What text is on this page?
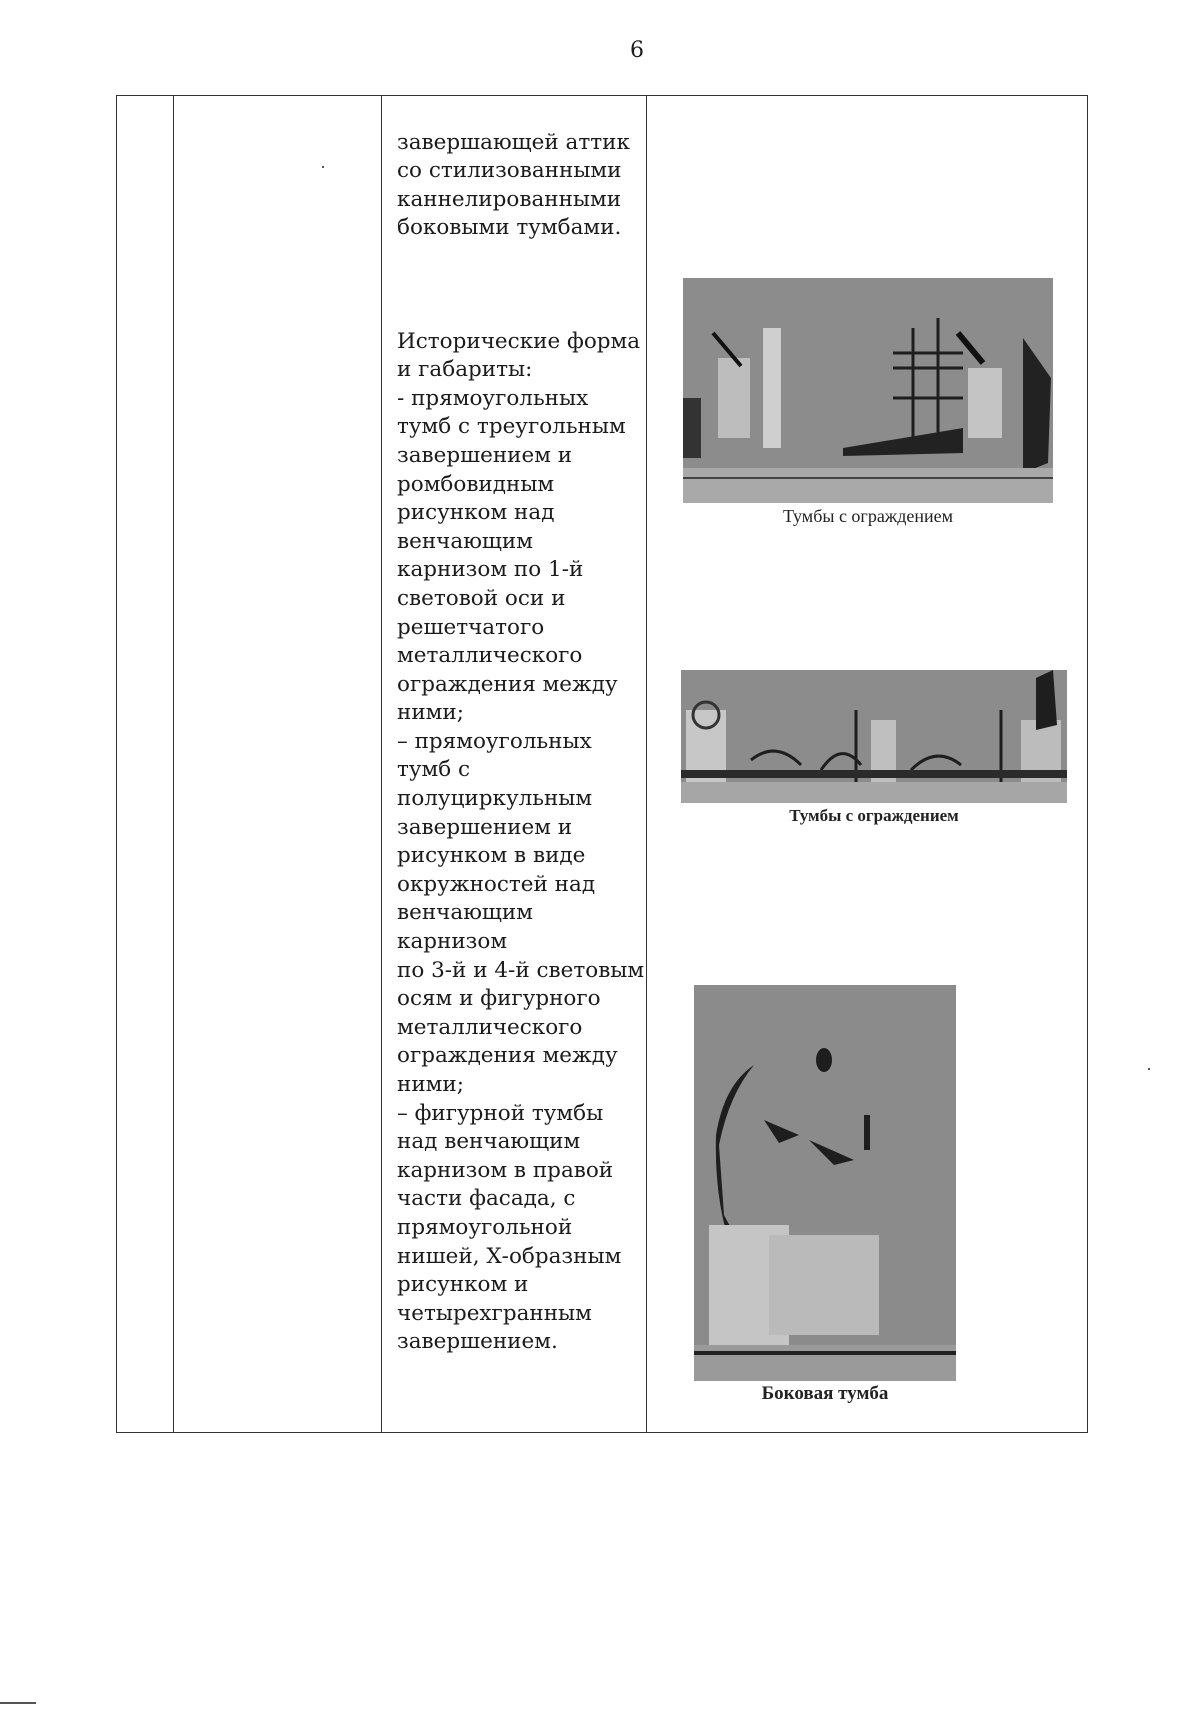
6

завершающей аттик
со стилизованными
каннелированными
боковыми тумбами.

Исторические форма
и габариты:
- прямоугольных
тумб с треугольным
завершением и
ромбовидным
рисунком над
венчающим
карнизом по 1-й
световой оси и
решетчатого
металлического
ограждения между
ними;
– прямоугольных
тумб с
полуциркульным
завершением и
рисунком в виде
окружностей над
венчающим карнизом
по 3-й и 4-й световым
осям и фигурного
металлического
ограждения между
ними;
– фигурной тумбы
над венчающим
карнизом в правой
части фасада, с
прямоугольной
нишей, Х-образным
рисунком и
четырехгранным
завершением.

Тумбы с ограждением
Тумбы с ограждением
Боковая тумба
